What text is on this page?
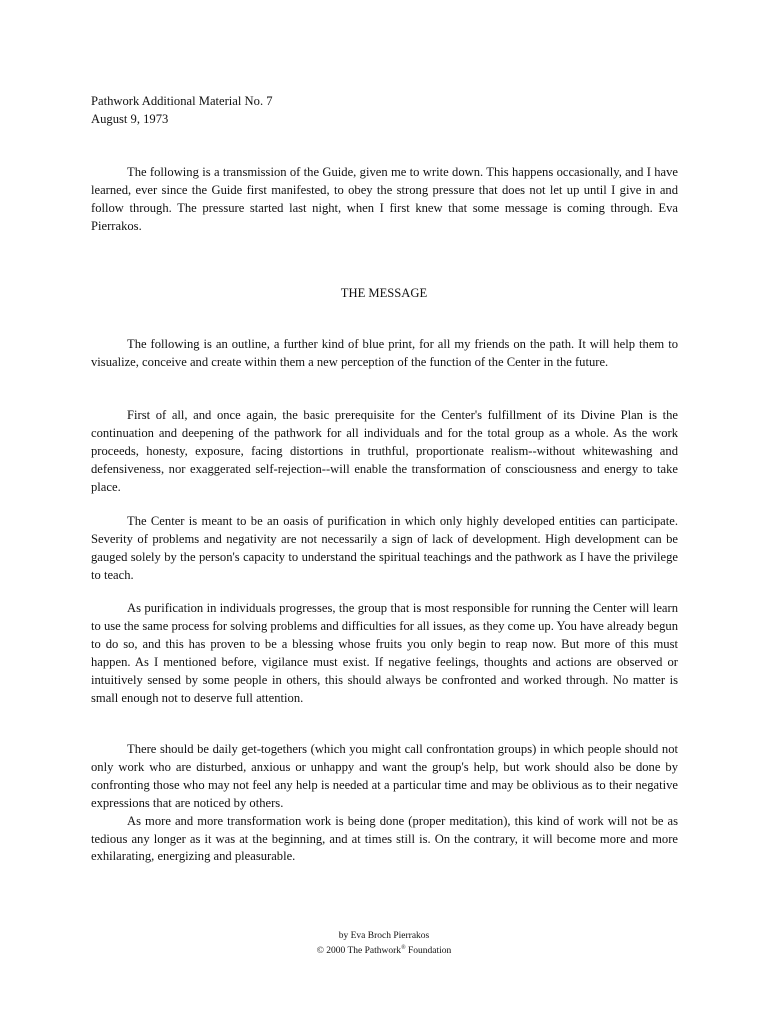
Pathwork Additional Material No. 7
August 9, 1973

The following is a transmission of the Guide, given me to write down. This happens occasionally, and I have learned, ever since the Guide first manifested, to obey the strong pressure that does not let up until I give in and follow through. The pressure started last night, when I first knew that some message is coming through. Eva Pierrakos.

THE MESSAGE

The following is an outline, a further kind of blue print, for all my friends on the path. It will help them to visualize, conceive and create within them a new perception of the function of the Center in the future.

First of all, and once again, the basic prerequisite for the Center's fulfillment of its Divine Plan is the continuation and deepening of the pathwork for all individuals and for the total group as a whole. As the work proceeds, honesty, exposure, facing distortions in truthful, proportionate realism--without whitewashing and defensiveness, nor exaggerated self-rejection--will enable the transformation of consciousness and energy to take place.

The Center is meant to be an oasis of purification in which only highly developed entities can participate. Severity of problems and negativity are not necessarily a sign of lack of development. High development can be gauged solely by the person's capacity to understand the spiritual teachings and the pathwork as I have the privilege to teach.

As purification in individuals progresses, the group that is most responsible for running the Center will learn to use the same process for solving problems and difficulties for all issues, as they come up. You have already begun to do so, and this has proven to be a blessing whose fruits you only begin to reap now. But more of this must happen. As I mentioned before, vigilance must exist. If negative feelings, thoughts and actions are observed or intuitively sensed by some people in others, this should always be confronted and worked through. No matter is small enough not to deserve full attention.

There should be daily get-togethers (which you might call confrontation groups) in which people should not only work who are disturbed, anxious or unhappy and want the group's help, but work should also be done by confronting those who may not feel any help is needed at a particular time and may be oblivious as to their negative expressions that are noticed by others.

As more and more transformation work is being done (proper meditation), this kind of work will not be as tedious any longer as it was at the beginning, and at times still is. On the contrary, it will become more and more exhilarating, energizing and pleasurable.

by Eva Broch Pierrakos
© 2000 The Pathwork® Foundation
